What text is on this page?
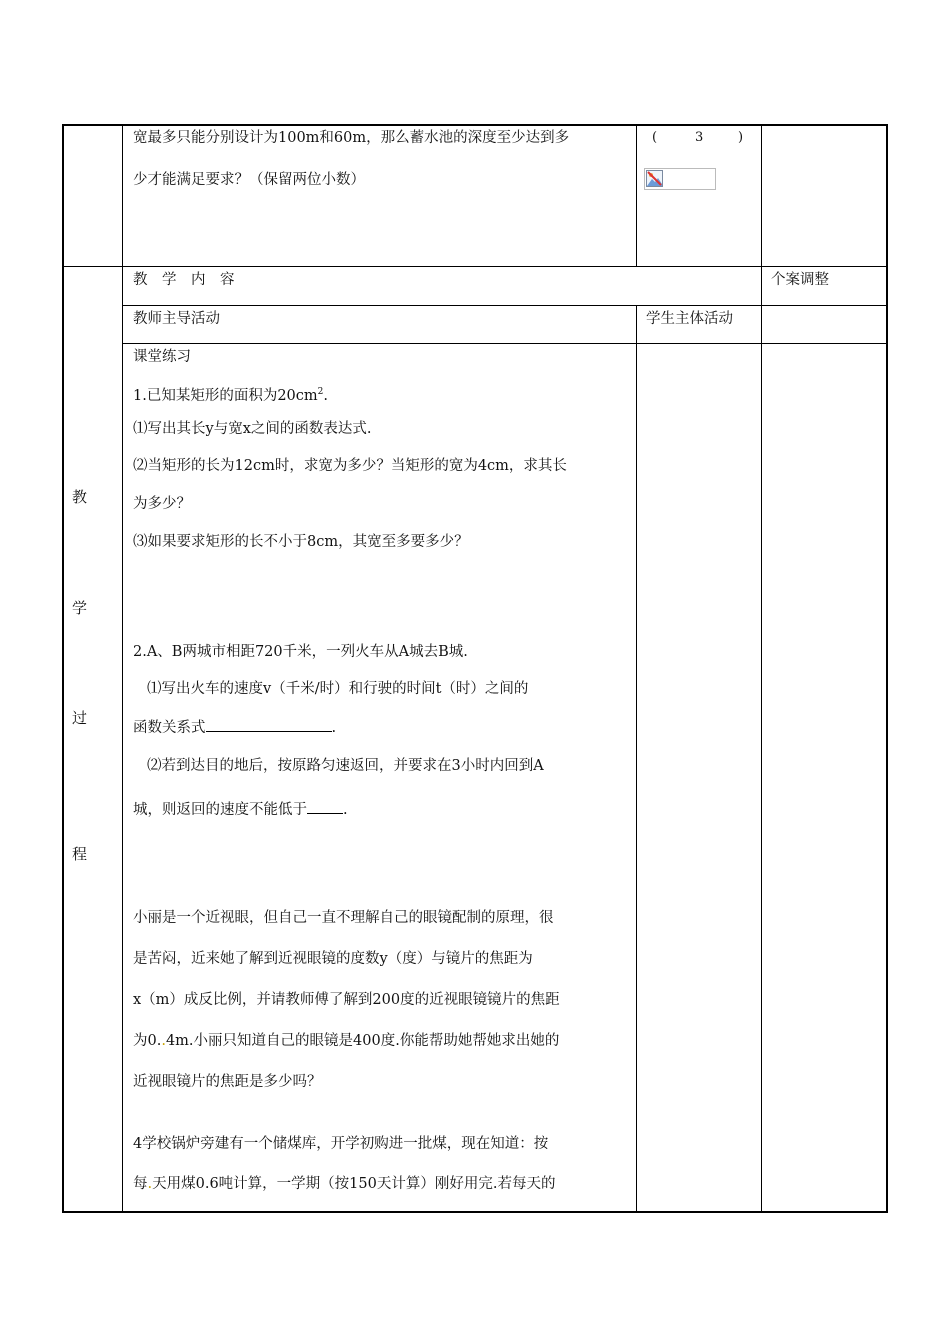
宽最多只能分别设计为100m和60m，那么蓄水池的深度至少达到多
少才能满足要求？（保留两位小数）
(	3	)
教　学　内　容	个案调整
教师主导活动	学生主体活动
教
学
过
程
课堂练习
1.已知某矩形的面积为$20cm^2$.
⑴写出其长y与宽x之间的函数表达式.
⑵当矩形的长为12cm时，求宽为多少？当矩形的宽为4cm，求其长
为多少？
⑶如果要求矩形的长不小于8cm，其宽至多要多少？
2.A、B两城市相距720千米，一列火车从A城去B城.
⑴写出火车的速度v（千米/时）和行驶的时间t（时）之间的
函数关系式	.
⑵若到达目的地后，按原路匀速返回，并要求在3小时内回到A
城，则返回的速度不能低于 .
小丽是一个近视眼，但自己一直不理解自己的眼镜配制的原理，很
是苦闷，近来她了解到近视眼镜的度数y（度）与镜片的焦距为
x（m）成反比例，并请教师傅了解到200度的近视眼镜镜片的焦距
为0..4m.小丽只知道自己的眼镜是400度.你能帮助她帮她求出她的
近视眼镜片的焦距是多少吗？
4学校锅炉旁建有一个储煤库，开学初购进一批煤，现在知道：按
每.天用煤0.6吨计算，一学期（按150天计算）刚好用完.若每天的
